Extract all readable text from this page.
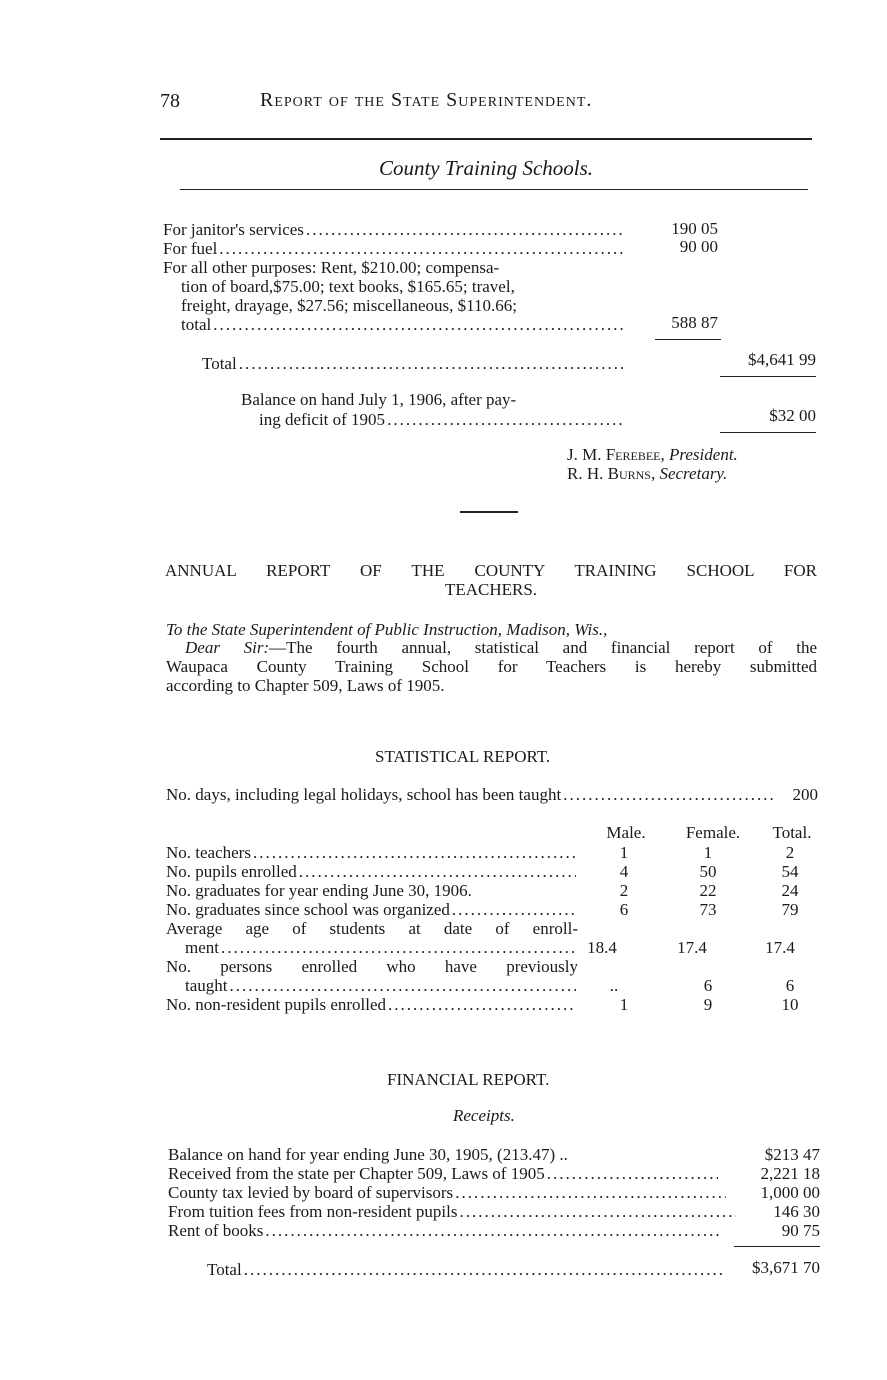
78	Report of the State Superintendent.
County Training Schools.
For janitor's services .....	190 05
For fuel .....	90 00
For all other purposes: Rent, $210.00; compensa-
tion of board,$75.00; text books, $165.65; travel,
freight, drayage, $27.56; miscellaneous, $110.66;
total .....	588 87
Total .....	$4,641 99
Balance on hand July 1, 1906, after pay-
ing deficit of 1905 .....	$32 00
J. M. Ferebee, President.
R. H. Burns, Secretary.
ANNUAL REPORT OF THE COUNTY TRAINING SCHOOL FOR
TEACHERS.
To the State Superintendent of Public Instruction, Madison, Wis.,
Dear Sir:—The fourth annual, statistical and financial report of the
Waupaca County Training School for Teachers is hereby submitted
according to Chapter 509, Laws of 1905.
STATISTICAL REPORT.
No. days, including legal holidays, school has been taught .....	200
Male.	Female.	Total.
No. teachers .....	1	1	2
No. pupils enrolled .....	4	50	54
No. graduates for year ending June 30, 1906.	2	22	24
No. graduates since school was organized .....	6	73	79
Average age of students at date of enroll-
ment .....	18.4	17.4	17.4
No. persons enrolled who have previously
taught .....	..	6	6
No. non-resident pupils enrolled .....	1	9	10
FINANCIAL REPORT.
Receipts.
Balance on hand for year ending June 30, 1905, (213.47) ..	$213 47
Received from the state per Chapter 509, Laws of 1905 .....	2,221 18
County tax levied by board of supervisors .....	1,000 00
From tuition fees from non-resident pupils .....	146 30
Rent of books .....	90 75
Total .....	$3,671 70
